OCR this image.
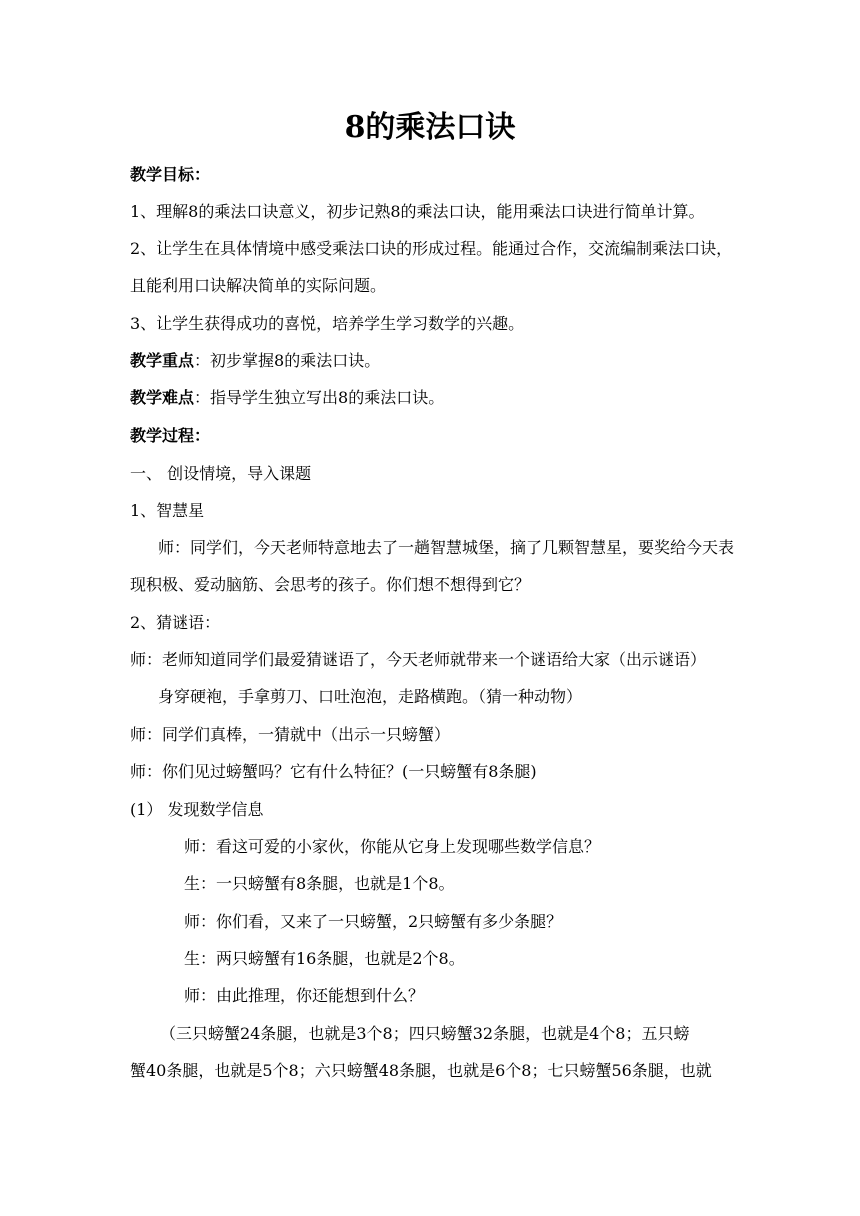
8的乘法口诀
教学目标：
1、理解8的乘法口诀意义，初步记熟8的乘法口诀，能用乘法口诀进行简单计算。
2、让学生在具体情境中感受乘法口诀的形成过程。能通过合作，交流编制乘法口诀，
且能利用口诀解决简单的实际问题。
3、让学生获得成功的喜悦，培养学生学习数学的兴趣。
教学重点：初步掌握8的乘法口诀。
教学难点：指导学生独立写出8的乘法口诀。
教学过程：
一、 创设情境，导入课题
1、智慧星
师：同学们，今天老师特意地去了一趟智慧城堡，摘了几颗智慧星，要奖给今天表
现积极、爱动脑筋、会思考的孩子。你们想不想得到它？
2、猜谜语：
师：老师知道同学们最爱猜谜语了，今天老师就带来一个谜语给大家（出示谜语）
身穿硬袍，手拿剪刀、口吐泡泡，走路横跑。（猜一种动物）
师：同学们真棒，一猜就中（出示一只螃蟹）
师：你们见过螃蟹吗？它有什么特征？(一只螃蟹有8条腿)
(1） 发现数学信息
师：看这可爱的小家伙，你能从它身上发现哪些数学信息？
生：一只螃蟹有8条腿，也就是1个8。
师：你们看，又来了一只螃蟹，2只螃蟹有多少条腿？
生：两只螃蟹有16条腿，也就是2个8。
师：由此推理，你还能想到什么？
（三只螃蟹24条腿，也就是3个8；四只螃蟹32条腿，也就是4个8；五只螃
蟹40条腿，也就是5个8；六只螃蟹48条腿，也就是6个8；七只螃蟹56条腿，也就
